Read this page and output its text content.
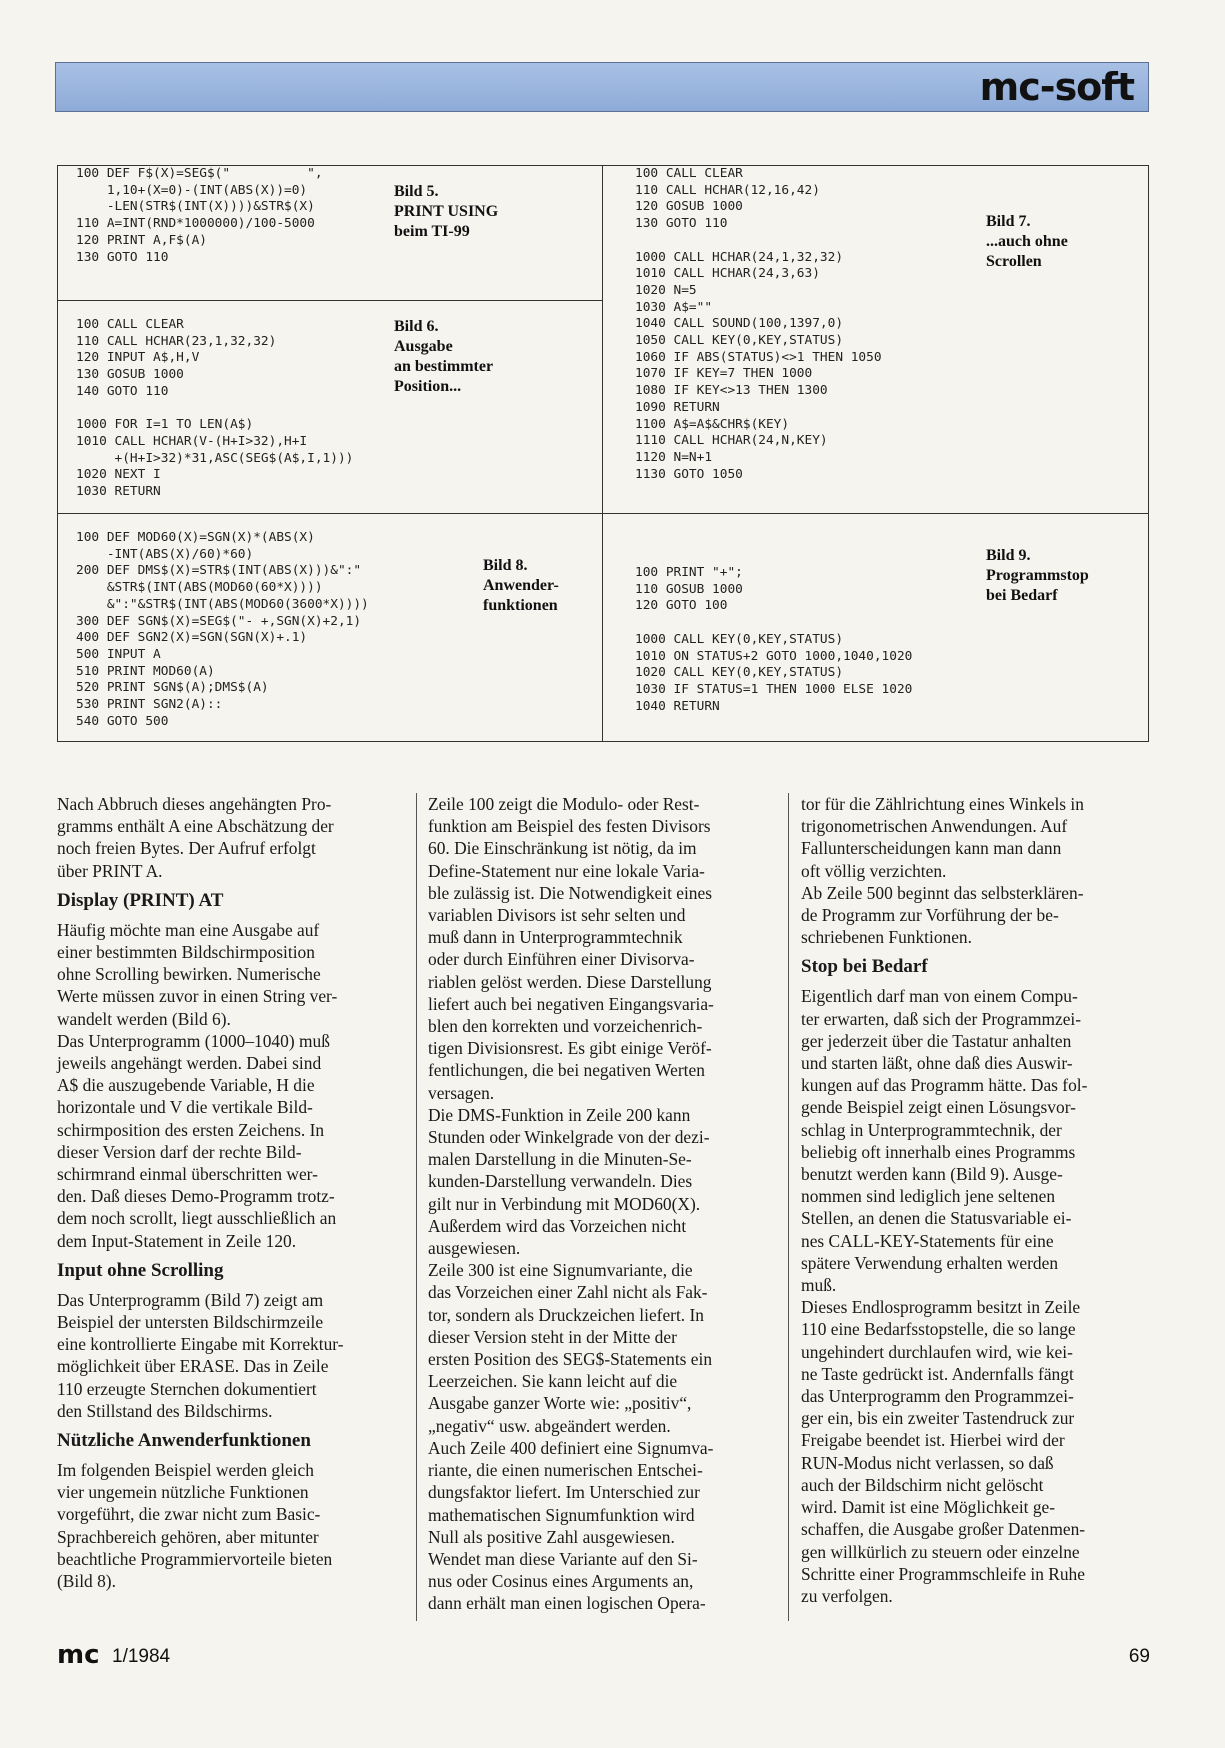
mc-soft
100 DEF F$(X)=SEG$("          ",
1,10+(X=0)-(INT(ABS(X))=0)
-LEN(STR$(INT(X))))&STR$(X)
110 A=INT(RND*1000000)/100-5000
120 PRINT A,F$(A)
130 GOTO 110
Bild 5.
PRINT USING
beim TI-99
100 CALL CLEAR
110 CALL HCHAR(23,1,32,32)
120 INPUT A$,H,V
130 GOSUB 1000
140 GOTO 110

1000 FOR I=1 TO LEN(A$)
1010 CALL HCHAR(V-(H+I>32),H+I
+(H+I>32)*31,ASC(SEG$(A$,I,1)))
1020 NEXT I
1030 RETURN
Bild 6.
Ausgabe
an bestimmter
Position...
100 CALL CLEAR
110 CALL HCHAR(12,16,42)
120 GOSUB 1000
130 GOTO 110

1000 CALL HCHAR(24,1,32,32)
1010 CALL HCHAR(24,3,63)
1020 N=5
1030 A$=""
1040 CALL SOUND(100,1397,0)
1050 CALL KEY(0,KEY,STATUS)
1060 IF ABS(STATUS)<>1 THEN 1050
1070 IF KEY=7 THEN 1000
1080 IF KEY<>13 THEN 1300
1090 RETURN
1100 A$=A$&CHR$(KEY)
1110 CALL HCHAR(24,N,KEY)
1120 N=N+1
1130 GOTO 1050
Bild 7.
...auch ohne
Scrollen
100 DEF MOD60(X)=SGN(X)*(ABS(X)
-INT(ABS(X)/60)*60)
200 DEF DMS$(X)=STR$(INT(ABS(X)))&":"
&STR$(INT(ABS(MOD60(60*X))))
&":"&STR$(INT(ABS(MOD60(3600*X))))
300 DEF SGN$(X)=SEG$("- +,SGN(X)+2,1)
400 DEF SGN2(X)=SGN(SGN(X)+.1)
500 INPUT A
510 PRINT MOD60(A)
520 PRINT SGN$(A);DMS$(A)
530 PRINT SGN2(A)::
540 GOTO 500
Bild 8.
Anwender-
funktionen
100 PRINT "+";
110 GOSUB 1000
120 GOTO 100

1000 CALL KEY(0,KEY,STATUS)
1010 ON STATUS+2 GOTO 1000,1040,1020
1020 CALL KEY(0,KEY,STATUS)
1030 IF STATUS=1 THEN 1000 ELSE 1020
1040 RETURN
Bild 9.
Programmstop
bei Bedarf

Nach Abbruch dieses angehängten Pro-
gramms enthält A eine Abschätzung der
noch freien Bytes. Der Aufruf erfolgt
über PRINT A.

Display (PRINT) AT

Häufig möchte man eine Ausgabe auf
einer bestimmten Bildschirmposition
ohne Scrolling bewirken. Numerische
Werte müssen zuvor in einen String ver-
wandelt werden (Bild 6).
Das Unterprogramm (1000–1040) muß
jeweils angehängt werden. Dabei sind
A$ die auszugebende Variable, H die
horizontale und V die vertikale Bild-
schirmposition des ersten Zeichens. In
dieser Version darf der rechte Bild-
schirmrand einmal überschritten wer-
den. Daß dieses Demo-Programm trotz-
dem noch scrollt, liegt ausschließlich an
dem Input-Statement in Zeile 120.

Input ohne Scrolling

Das Unterprogramm (Bild 7) zeigt am
Beispiel der untersten Bildschirmzeile
eine kontrollierte Eingabe mit Korrektur-
möglichkeit über ERASE. Das in Zeile
110 erzeugte Sternchen dokumentiert
den Stillstand des Bildschirms.

Nützliche Anwenderfunktionen

Im folgenden Beispiel werden gleich
vier ungemein nützliche Funktionen
vorgeführt, die zwar nicht zum Basic-
Sprachbereich gehören, aber mitunter
beachtliche Programmiervorteile bieten
(Bild 8).

Zeile 100 zeigt die Modulo- oder Rest-
funktion am Beispiel des festen Divisors
60. Die Einschränkung ist nötig, da im
Define-Statement nur eine lokale Varia-
ble zulässig ist. Die Notwendigkeit eines
variablen Divisors ist sehr selten und
muß dann in Unterprogrammtechnik
oder durch Einführen einer Divisorva-
riablen gelöst werden. Diese Darstellung
liefert auch bei negativen Eingangsvaria-
blen den korrekten und vorzeichenrich-
tigen Divisionsrest. Es gibt einige Veröf-
fentlichungen, die bei negativen Werten
versagen.
Die DMS-Funktion in Zeile 200 kann
Stunden oder Winkelgrade von der dezi-
malen Darstellung in die Minuten-Se-
kunden-Darstellung verwandeln. Dies
gilt nur in Verbindung mit MOD60(X).
Außerdem wird das Vorzeichen nicht
ausgewiesen.
Zeile 300 ist eine Signumvariante, die
das Vorzeichen einer Zahl nicht als Fak-
tor, sondern als Druckzeichen liefert. In
dieser Version steht in der Mitte der
ersten Position des SEG$-Statements ein
Leerzeichen. Sie kann leicht auf die
Ausgabe ganzer Worte wie: „positiv“,
„negativ“ usw. abgeändert werden.
Auch Zeile 400 definiert eine Signumva-
riante, die einen numerischen Entschei-
dungsfaktor liefert. Im Unterschied zur
mathematischen Signumfunktion wird
Null als positive Zahl ausgewiesen.
Wendet man diese Variante auf den Si-
nus oder Cosinus eines Arguments an,
dann erhält man einen logischen Opera-

tor für die Zählrichtung eines Winkels in
trigonometrischen Anwendungen. Auf
Fallunterscheidungen kann man dann
oft völlig verzichten.
Ab Zeile 500 beginnt das selbsterklären-
de Programm zur Vorführung der be-
schriebenen Funktionen.

Stop bei Bedarf

Eigentlich darf man von einem Compu-
ter erwarten, daß sich der Programmzei-
ger jederzeit über die Tastatur anhalten
und starten läßt, ohne daß dies Auswir-
kungen auf das Programm hätte. Das fol-
gende Beispiel zeigt einen Lösungsvor-
schlag in Unterprogrammtechnik, der
beliebig oft innerhalb eines Programms
benutzt werden kann (Bild 9). Ausge-
nommen sind lediglich jene seltenen
Stellen, an denen die Statusvariable ei-
nes CALL-KEY-Statements für eine
spätere Verwendung erhalten werden
muß.
Dieses Endlosprogramm besitzt in Zeile
110 eine Bedarfsstopstelle, die so lange
ungehindert durchlaufen wird, wie kei-
ne Taste gedrückt ist. Andernfalls fängt
das Unterprogramm den Programmzei-
ger ein, bis ein zweiter Tastendruck zur
Freigabe beendet ist. Hierbei wird der
RUN-Modus nicht verlassen, so daß
auch der Bildschirm nicht gelöscht
wird. Damit ist eine Möglichkeit ge-
schaffen, die Ausgabe großer Datenmen-
gen willkürlich zu steuern oder einzelne
Schritte einer Programmschleife in Ruhe
zu verfolgen.

mc 1/1984	69
